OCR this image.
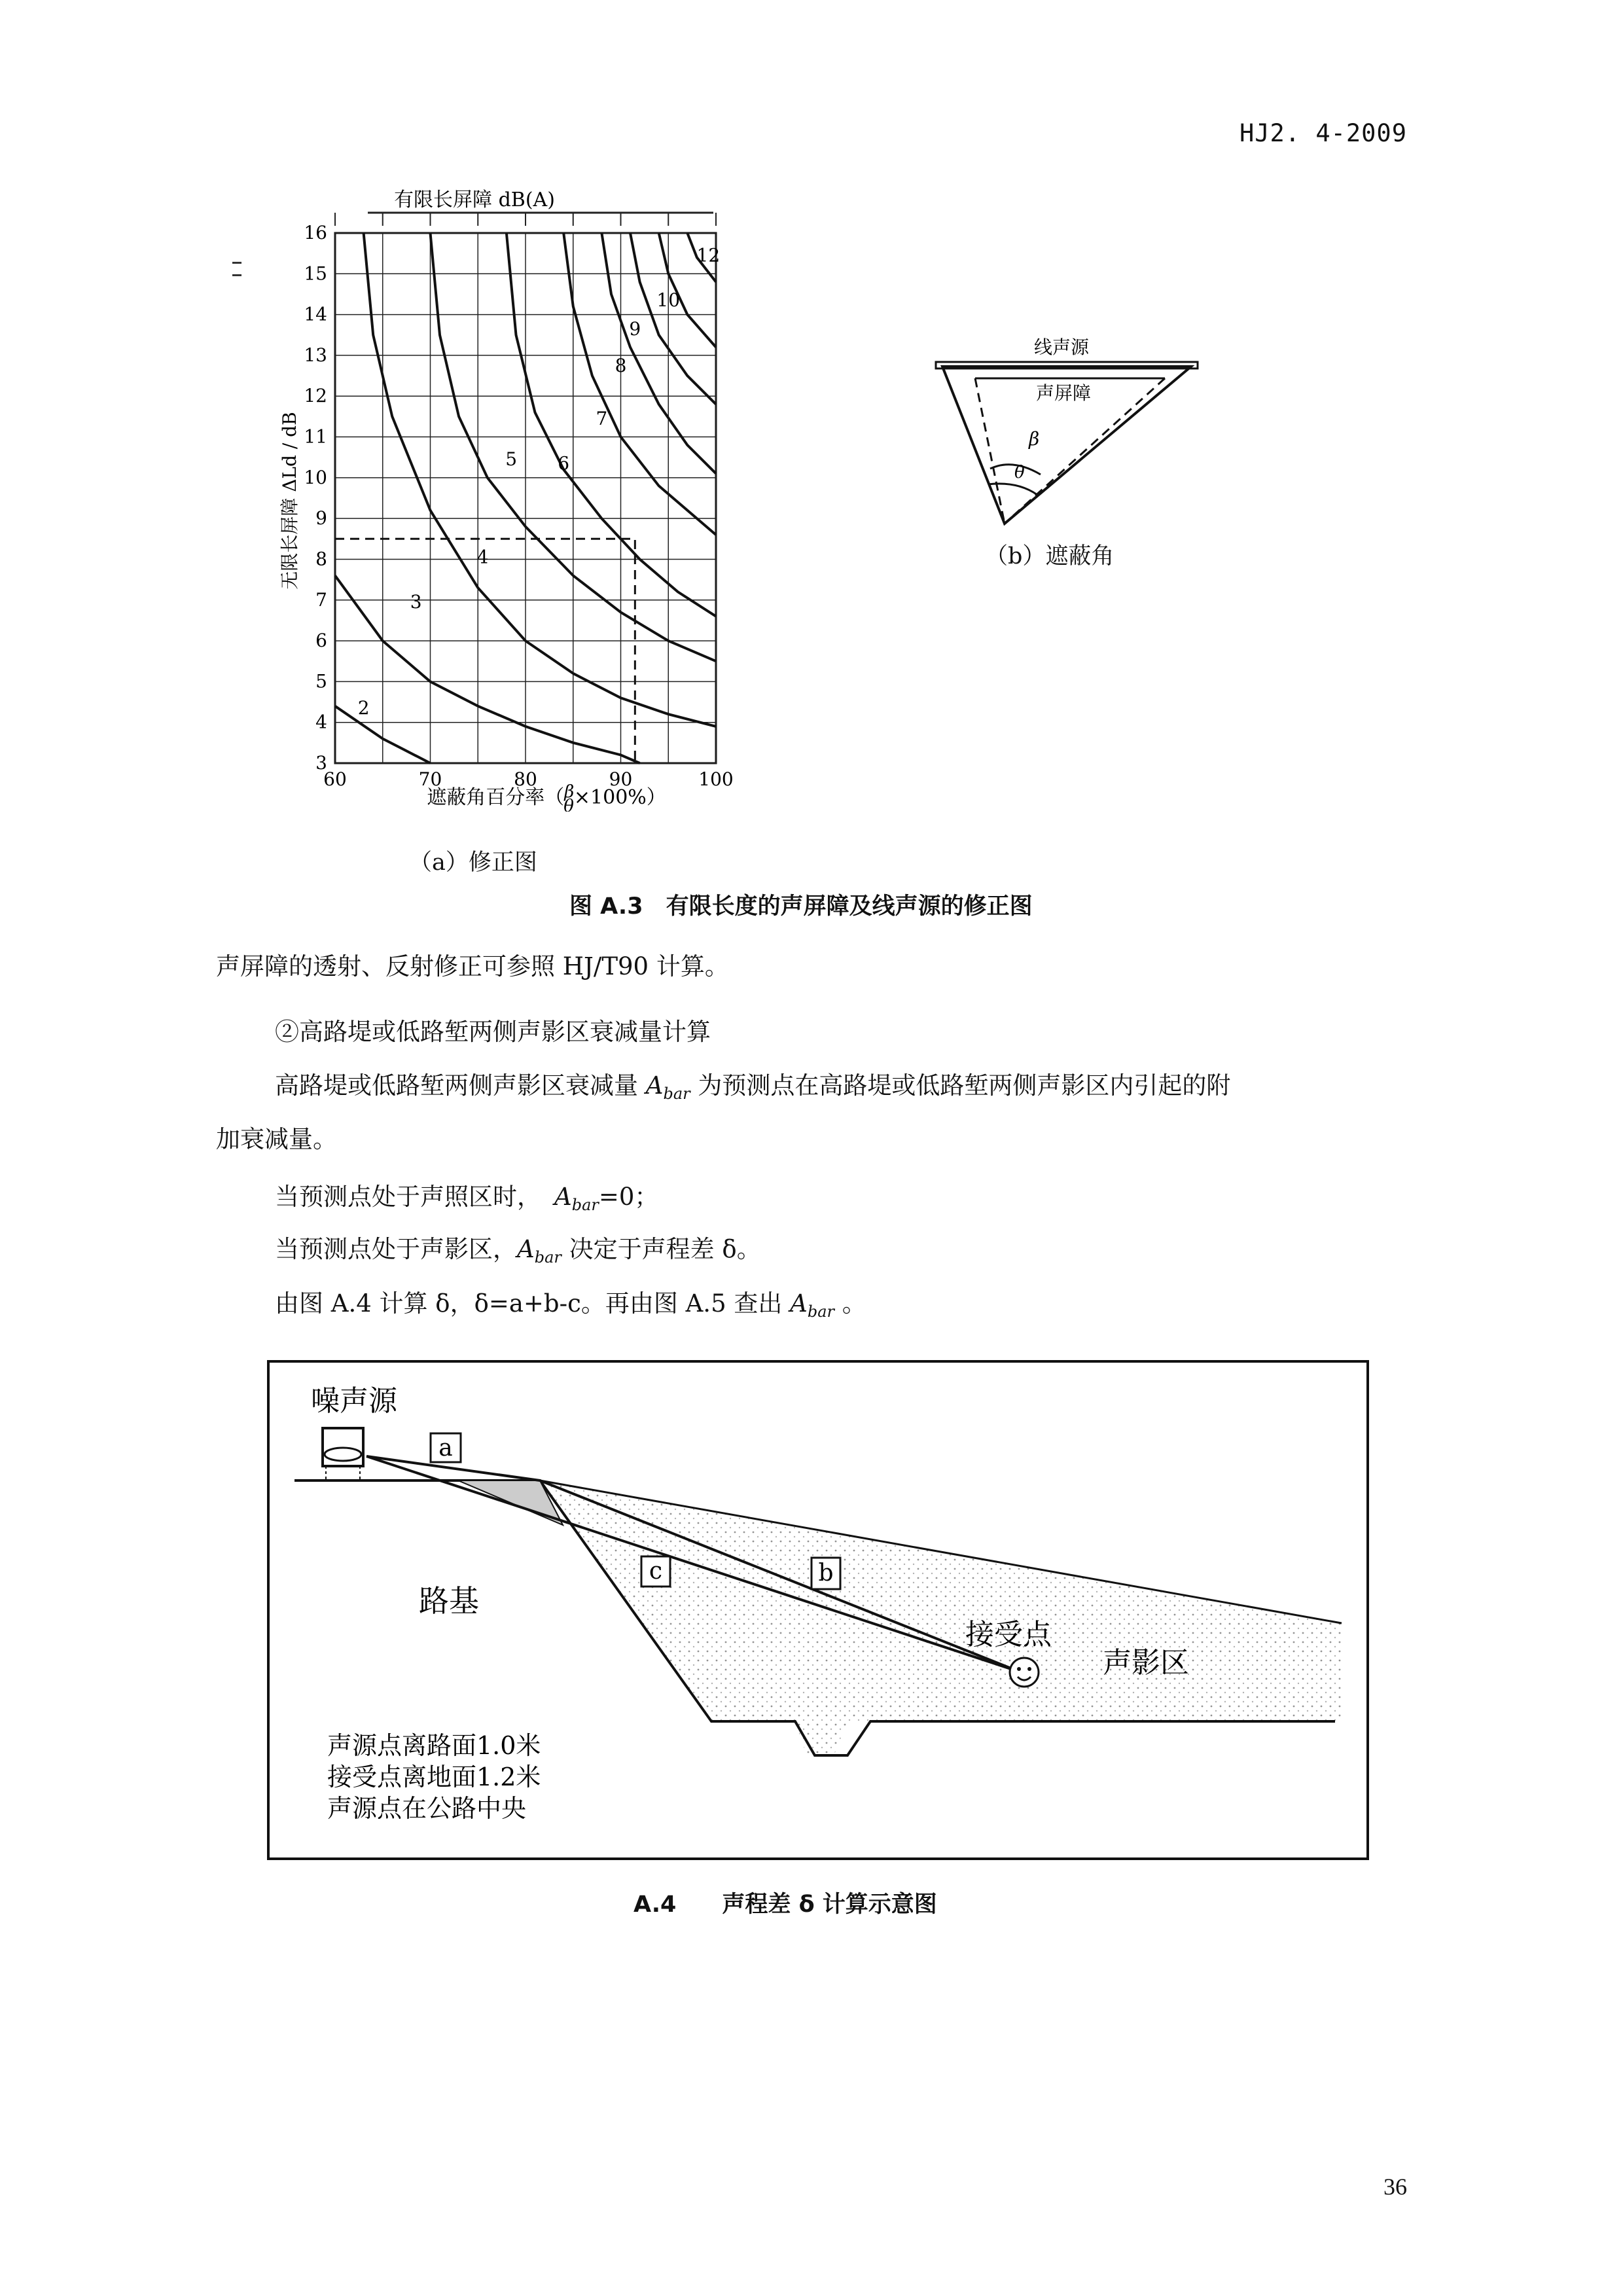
HJ2. 4-2009
3
4
5
6
7
8
9
10
11
12
13
14
15
16
60	70	80	90	100
2
3
4
5 6
7
8
9
10
12
有限长屏障 dB(A)
遮蔽角百分率（β θ×100%）
无限长屏障 ΔLd / dB
（a）修正图
线声源
声屏障
β
θ
（b）遮蔽角
图 A.3　有限长度的声屏障及线声源的修正图
声屏障的透射、反射修正可参照 HJ/T90 计算。
②高路堤或低路堑两侧声影区衰减量计算
高路堤或低路堑两侧声影区衰减量 $A_{bar}$ 为预测点在高路堤或低路堑两侧声影区内引起的附
加衰减量。
当预测点处于声照区时， $A_{bar}=0$；
当预测点处于声影区，$A_{bar}$ 决定于声程差 δ。
由图 A.4 计算 δ，δ=a+b-c。再由图 A.5 查出 $A_{bar}$ 。
a
c	b
噪声源
路基
接受点
声影区
声源点离路面1.0米
接受点离地面1.2米
声源点在公路中央
A.4　　声程差 δ 计算示意图
36
